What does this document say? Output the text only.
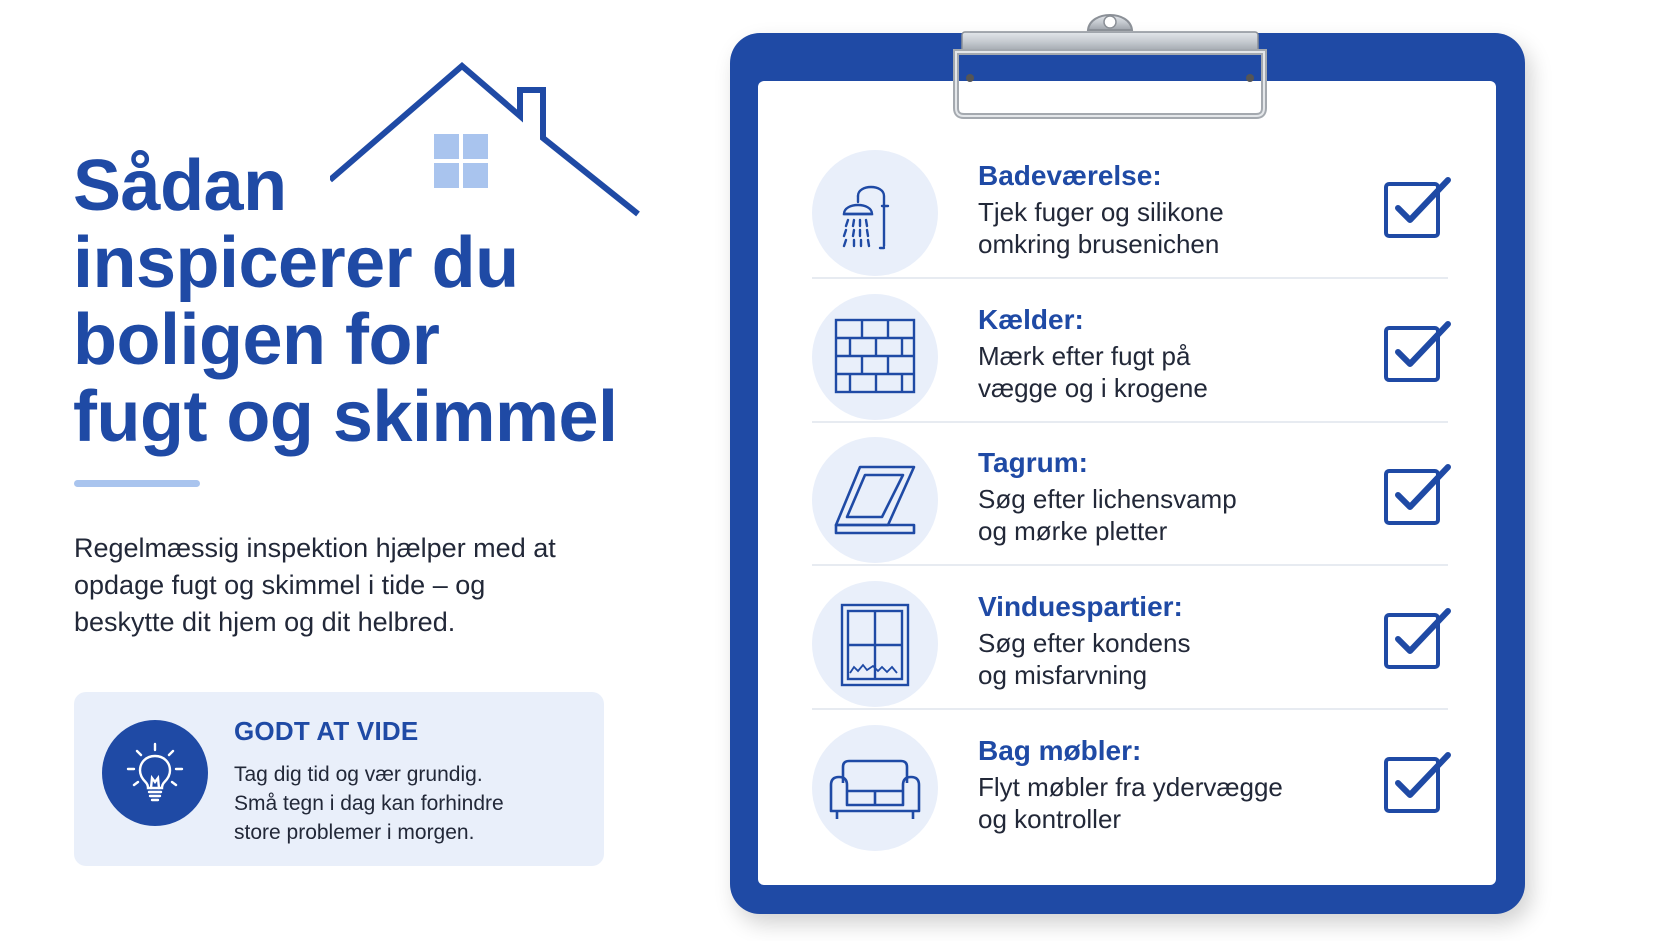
Sådan
inspicerer du
boligen for
fugt og skimmel

Regelmæssig inspektion hjælper med at opdage fugt og skimmel i tide – og beskytte dit hjem og dit helbred.

GODT AT VIDE

Tag dig tid og vær grundig.
Små tegn i dag kan forhindre
store problemer i morgen.

Badeværelse:

Tjek fuger og silikone
omkring brusenichen

Kælder:

Mærk efter fugt på
vægge og i krogene

Tagrum:

Søg efter lichensvamp
og mørke pletter

Vinduespartier:

Søg efter kondens
og misfarvning

Bag møbler:

Flyt møbler fra ydervægge
og kontroller
